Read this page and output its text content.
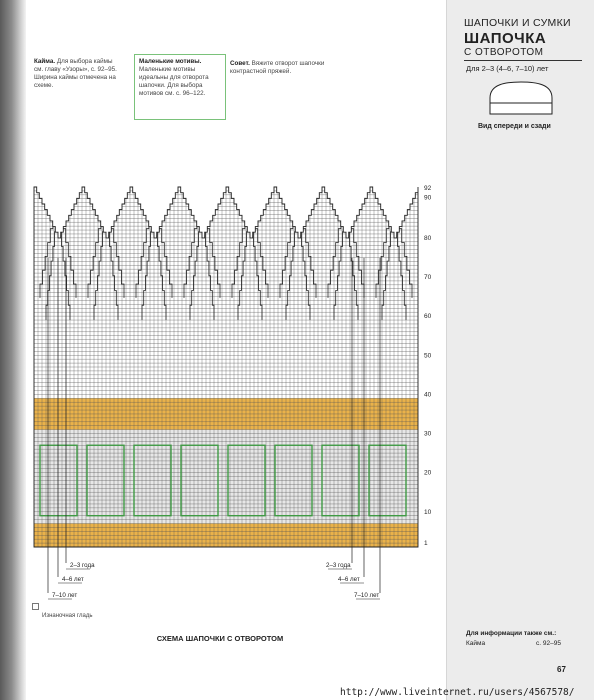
ШАПОЧКИ И СУМКИ
ШАПОЧКА
С ОТВОРОТОМ
Для 2–3 (4–6, 7–10) лет
Вид спереди и сзади
Кайма. Для выбора каймы см. главу «Узоры», с. 92–95. Ширина каймы отмечена на схеме.
Маленькие мотивы. Маленькие мотивы идеальны для отворота шапочки. Для выбора мотивов см. с. 96–122.
Совет. Вяжите отворот шапочки контрастной пряжей.
92
90
80
70
60
50
40
30
20
10
1
2–3 года
4–6 лет
7–10 лет
2–3 года
4–6 лет
7–10 лет
Изнаночная гладь
СХЕМА ШАПОЧКИ С ОТВОРОТОМ
Для информации также см.:
Кайма	с. 92–95
67
http://www.liveinternet.ru/users/4567578/
